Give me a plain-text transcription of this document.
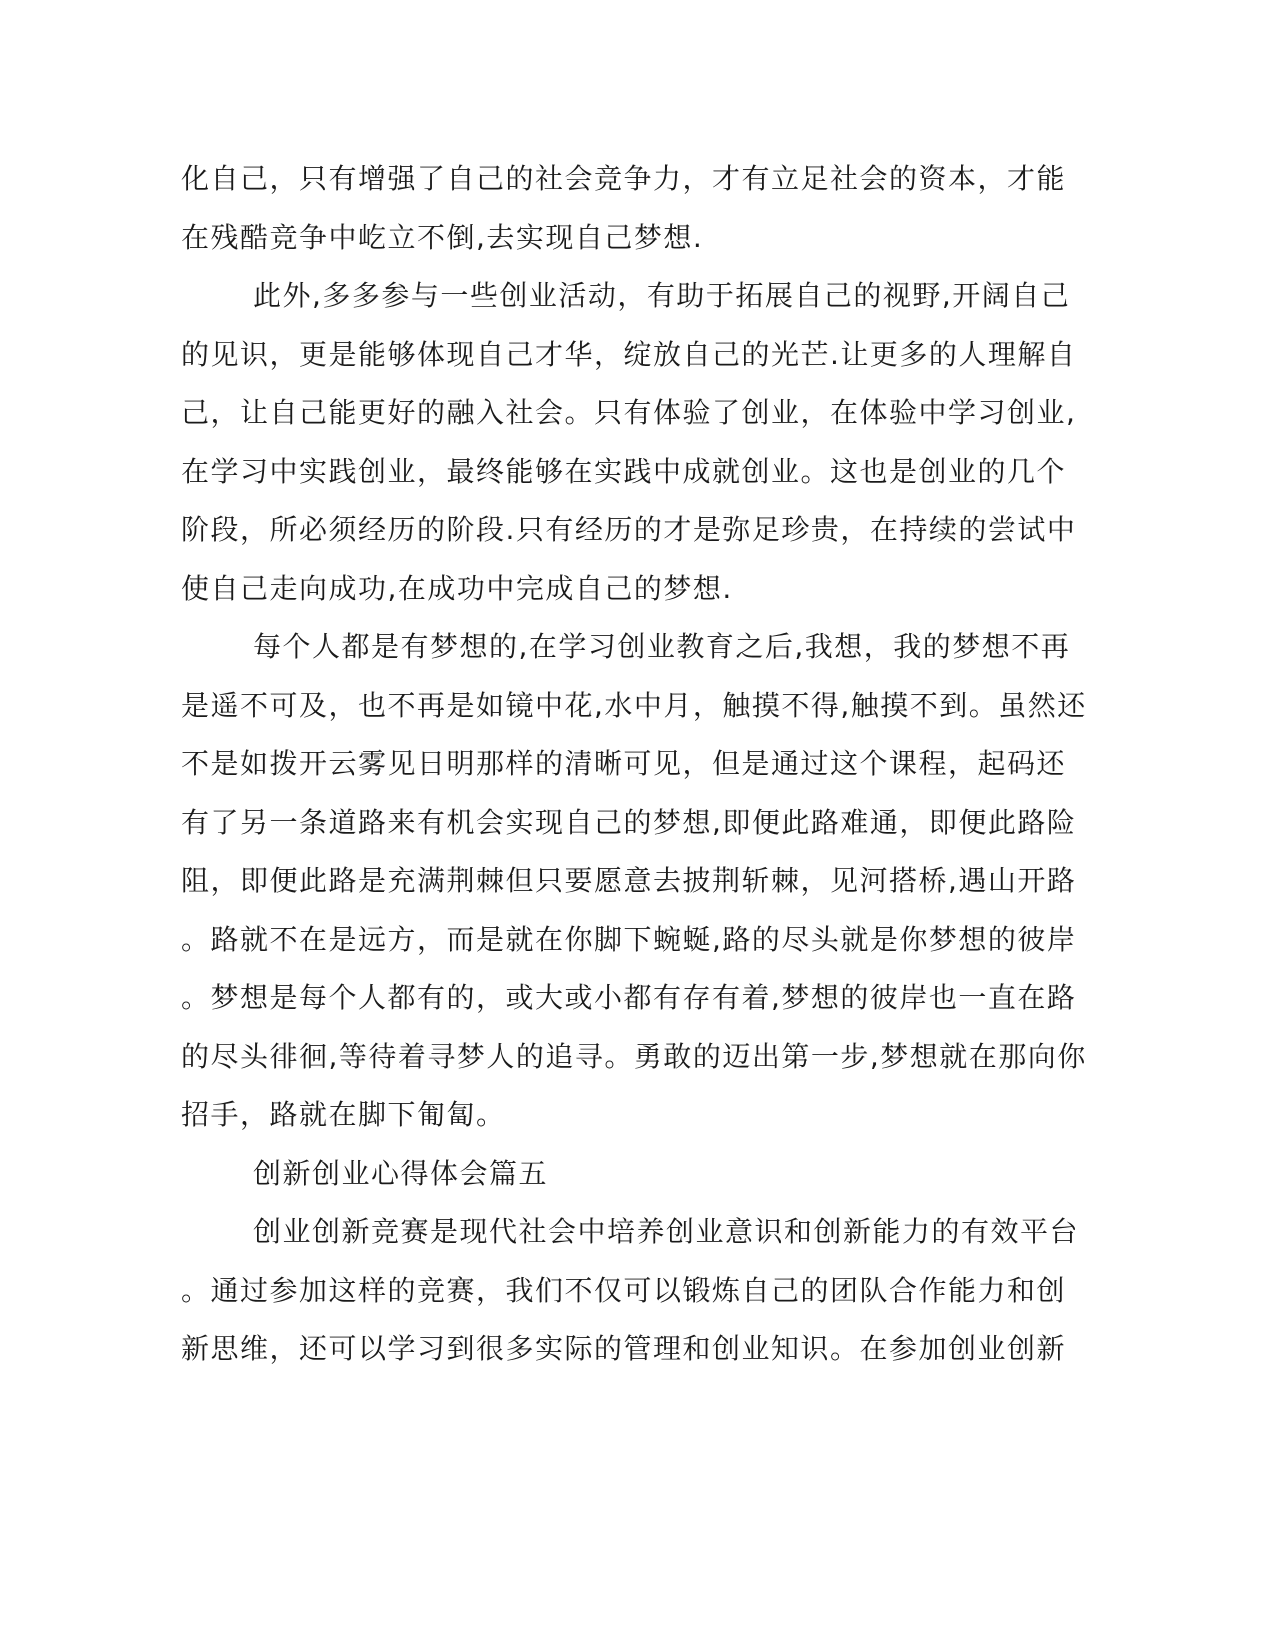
化自己，只有增强了自己的社会竞争力，才有立足社会的资本，才能
在残酷竞争中屹立不倒,去实现自己梦想.
此外,多多参与一些创业活动，有助于拓展自己的视野,开阔自己
的见识，更是能够体现自己才华，绽放自己的光芒.让更多的人理解自
己，让自己能更好的融入社会。只有体验了创业，在体验中学习创业,
在学习中实践创业，最终能够在实践中成就创业。这也是创业的几个
阶段，所必须经历的阶段.只有经历的才是弥足珍贵，在持续的尝试中
使自己走向成功,在成功中完成自己的梦想.
每个人都是有梦想的,在学习创业教育之后,我想，我的梦想不再
是遥不可及，也不再是如镜中花,水中月，触摸不得,触摸不到。虽然还
不是如拨开云雾见日明那样的清晰可见，但是通过这个课程，起码还
有了另一条道路来有机会实现自己的梦想,即便此路难通，即便此路险
阻，即便此路是充满荆棘但只要愿意去披荆斩棘，见河搭桥,遇山开路
。路就不在是远方，而是就在你脚下蜿蜒,路的尽头就是你梦想的彼岸
。梦想是每个人都有的，或大或小都有存有着,梦想的彼岸也一直在路
的尽头徘徊,等待着寻梦人的追寻。勇敢的迈出第一步,梦想就在那向你
招手，路就在脚下匍匐。
创新创业心得体会篇五
创业创新竞赛是现代社会中培养创业意识和创新能力的有效平台
。通过参加这样的竞赛，我们不仅可以锻炼自己的团队合作能力和创
新思维，还可以学习到很多实际的管理和创业知识。在参加创业创新
